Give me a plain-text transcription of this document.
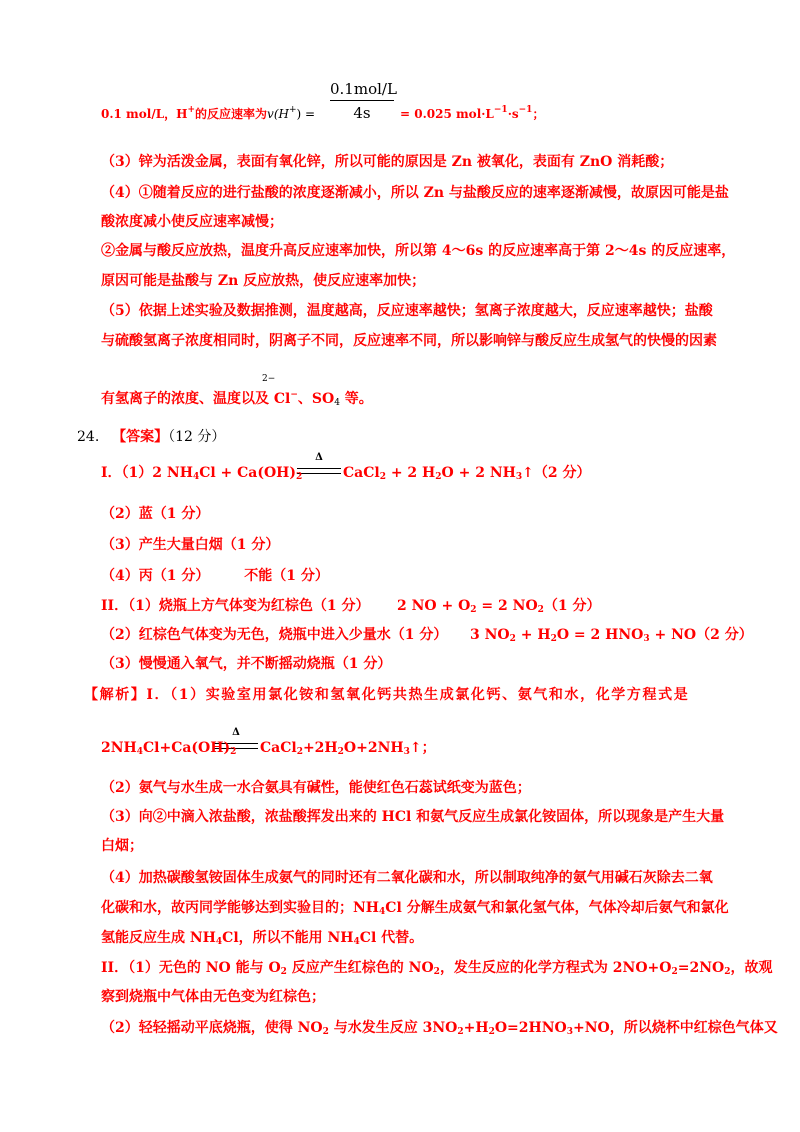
0.1mol/L
4s
0.1 mol/L，H+的反应速率为v(H+) =	= 0.025 $mol\cdot L^{-1}\cdot s^{-1}$；
（3）锌为活泼金属，表面有氧化锌，所以可能的原因是 Zn 被氧化，表面有 ZnO 消耗酸；
（4）①随着反应的进行盐酸的浓度逐渐减小，所以 Zn 与盐酸反应的速率逐渐减慢，故原因可能是盐
酸浓度减小使反应速率减慢；
②金属与酸反应放热，温度升高反应速率加快，所以第 4～6s 的反应速率高于第 2～4s 的反应速率，
原因可能是盐酸与 Zn 反应放热，使反应速率加快；
（5）依据上述实验及数据推测，温度越高，反应速率越快；氢离子浓度越大，反应速率越快；盐酸
与硫酸氢离子浓度相同时，阴离子不同，反应速率不同，所以影响锌与酸反应生成氢气的快慢的因素
2−
有氢离子的浓度、温度以及 Cl−、SO4 等。
24. 【答案】（12 分）
Δ
I．（1）2 $NH_4Cl + Ca(OH)_2$	CaCl$_2$ + 2 $H_2O + 2$ $NH_3↑(2$ 分）
（2）蓝（1 分）
（3）产生大量白烟（1 分）
（4）丙（1 分） 不能（1 分）
II．（1）烧瓶上方气体变为红棕色（1 分） 2 NO + $O_2 = 2$ $NO_2(1$ 分）
（2）红棕色气体变为无色，烧瓶中进入少量水（1 分） 3 $NO_2 + H_2O = 2$ $HNO_3 + NO(2$ 分）
（3）慢慢通入氧气，并不断摇动烧瓶（1 分）
【解析】I．（1）实验室用氯化铵和氢氧化钙共热生成氯化钙、氨气和水，化学方程式是
Δ
$2NH_4Cl+Ca(OH)_2$ $CaCl_2+2H_2O+2NH_3↑$；
（2）氨气与水生成一水合氨具有碱性，能使红色石蕊试纸变为蓝色；
（3）向②中滴入浓盐酸，浓盐酸挥发出来的 HCl 和氨气反应生成氯化铵固体，所以现象是产生大量
白烟；
（4）加热碳酸氢铵固体生成氨气的同时还有二氧化碳和水，所以制取纯净的氨气用碱石灰除去二氧
化碳和水，故丙同学能够达到实验目的；$NH_4Cl$ 分解生成氨气和氯化氢气体，气体冷却后氨气和氯化
氢能反应生成 $NH_4Cl$，所以不能用 $NH_4Cl$ 代替。
II．（1）无色的 NO 能与 $O_2$ 反应产生红棕色的 $NO_2$，发生反应的化学方程式为 $2NO+O_2=2NO_2$，故观
察到烧瓶中气体由无色变为红棕色；
（2）轻轻摇动平底烧瓶，使得 $NO_2$ 与水发生反应 $3NO_2+H_2O=2HNO_3+NO$，所以烧杯中红棕色气体又
